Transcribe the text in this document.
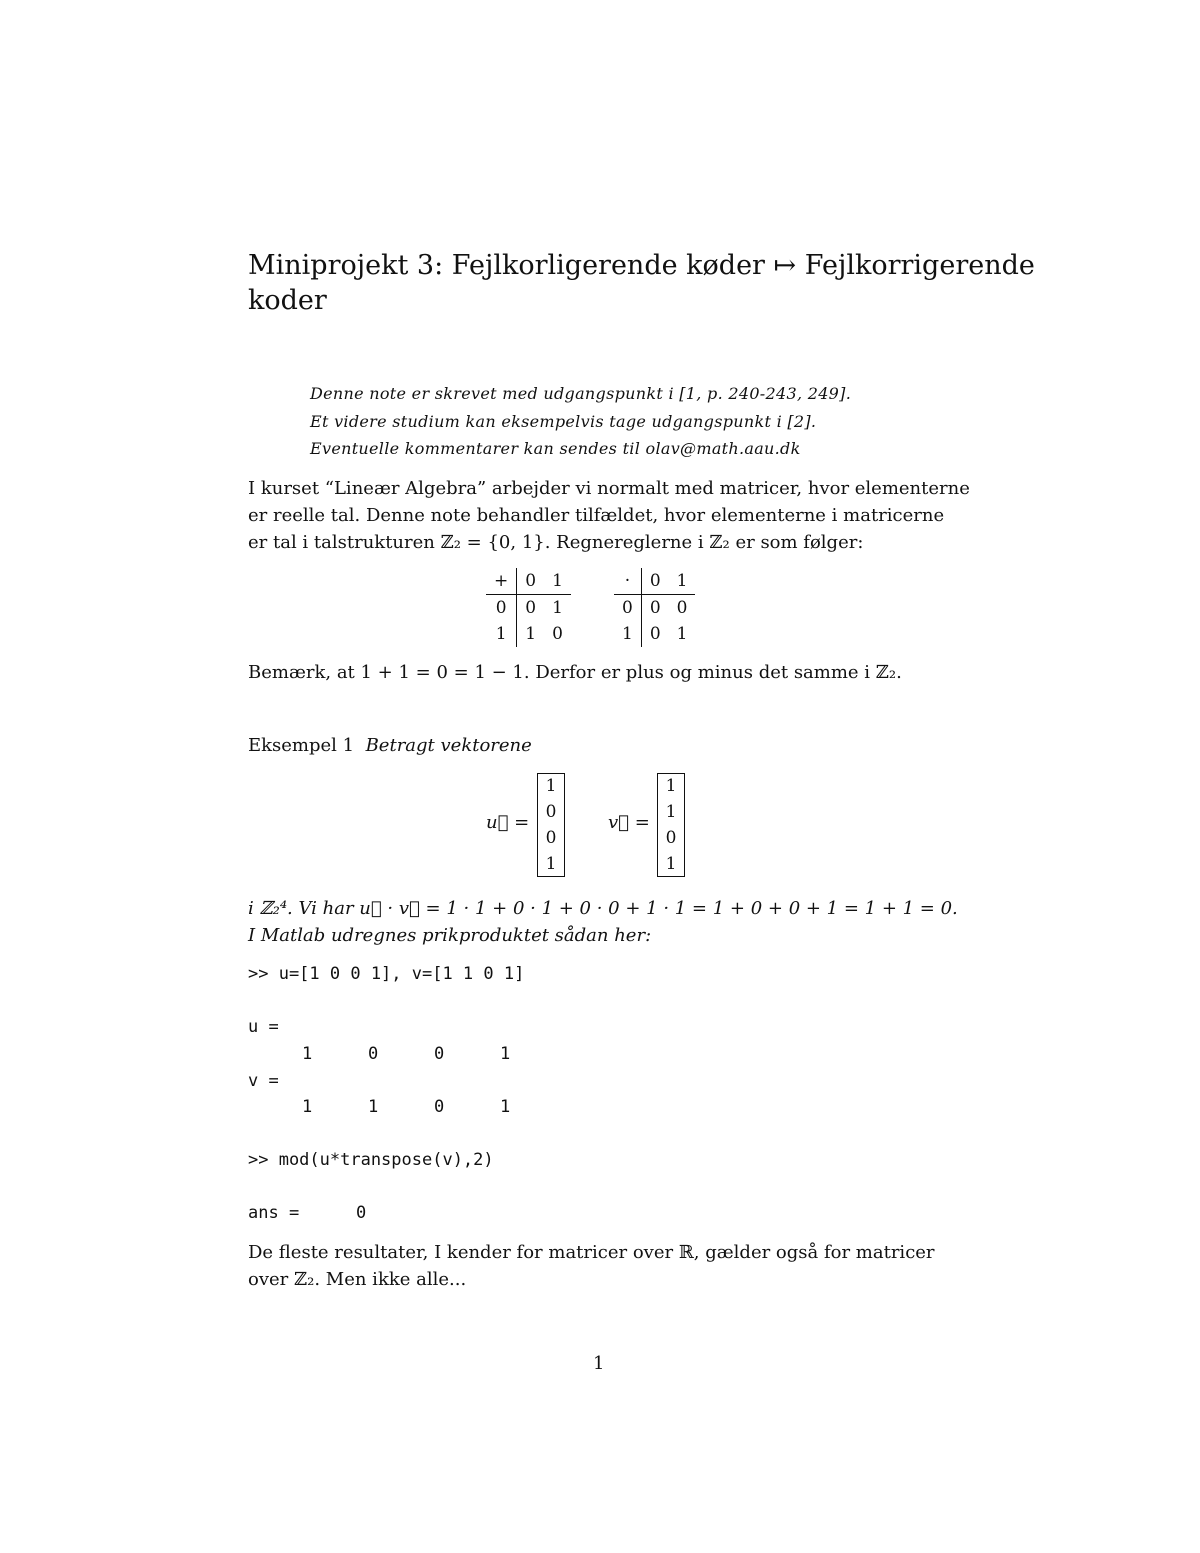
Miniprojekt 3: Fejlkorligerende køder ↦ Fejlkorrigerende
koder
Denne note er skrevet med udgangspunkt i [1, p. 240-243, 249].
Et videre studium kan eksempelvis tage udgangspunkt i [2].
Eventuelle kommentarer kan sendes til olav@math.aau.dk
I kurset “Lineær Algebra” arbejder vi normalt med matricer, hvor elementerne
er reelle tal. Denne note behandler tilfældet, hvor elementerne i matricerne
er tal i talstrukturen ℤ₂ = {0, 1}. Regnereglerne i ℤ₂ er som følger:
+	0	1
0	0	1
1	1	0
·	0	1
0	0	0
1	0	1
Bemærk, at 1 + 1 = 0 = 1 − 1. Derfor er plus og minus det samme i ℤ₂.
Eksempel 1 Betragt vektorene
u⃗ =
1
0
0
1
v⃗ =
1
1
0
1
i ℤ₂⁴. Vi har u⃗ · v⃗ = 1 · 1 + 0 · 1 + 0 · 0 + 1 · 1 = 1 + 0 + 0 + 1 = 1 + 1 = 0.
I Matlab udregnes prikproduktet sådan her:
>> u=[1 0 0 1], v=[1 1 0 1]
u =
1	0	0	1
v =
1	1	0	1
>> mod(u*transpose(v),2)
ans =	0
De fleste resultater, I kender for matricer over ℝ, gælder også for matricer
over ℤ₂. Men ikke alle...
1
